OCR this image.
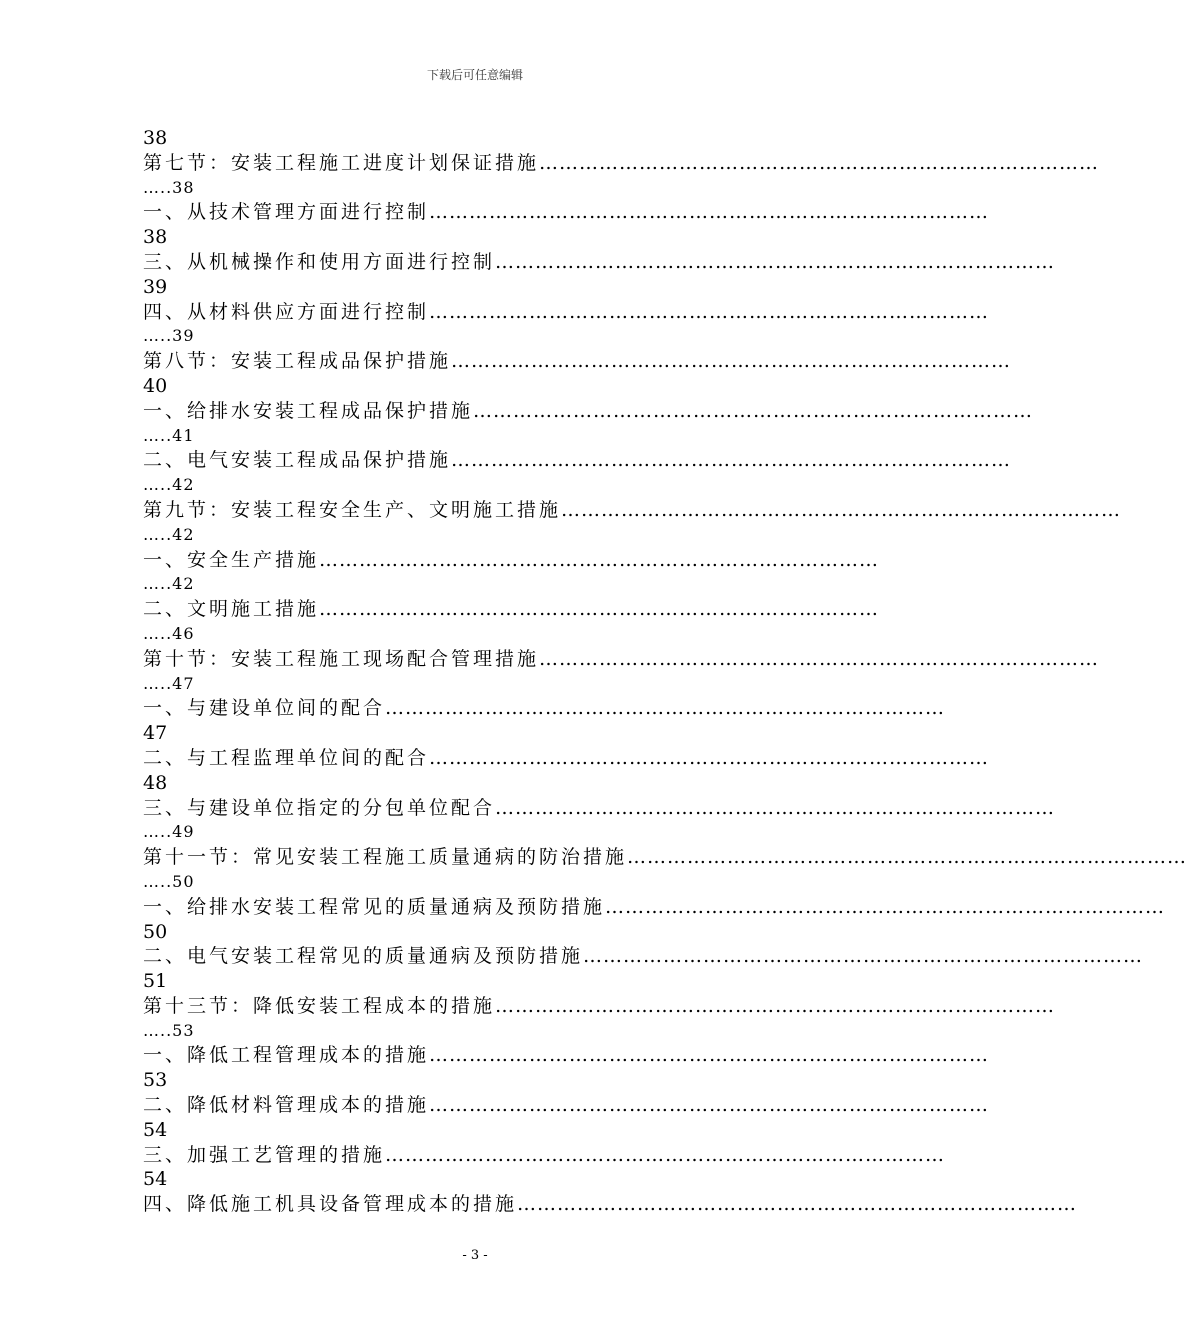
下载后可任意编辑
38
第七节：安装工程施工进度计划保证措施…………………………………………………………………………
…..38
一、从技术管理方面进行控制…………………………………………………………………………
38
三、从机械操作和使用方面进行控制…………………………………………………………………………
39
四、从材料供应方面进行控制…………………………………………………………………………
…..39
第八节：安装工程成品保护措施…………………………………………………………………………
40
一、给排水安装工程成品保护措施…………………………………………………………………………
…..41
二、电气安装工程成品保护措施…………………………………………………………………………
…..42
第九节：安装工程安全生产、文明施工措施…………………………………………………………………………
…..42
一、安全生产措施…………………………………………………………………………
…..42
二、文明施工措施…………………………………………………………………………
…..46
第十节：安装工程施工现场配合管理措施…………………………………………………………………………
…..47
一、与建设单位间的配合…………………………………………………………………………
47
二、与工程监理单位间的配合…………………………………………………………………………
48
三、与建设单位指定的分包单位配合…………………………………………………………………………
…..49
第十一节：常见安装工程施工质量通病的防治措施…………………………………………………………………………
…..50
一、给排水安装工程常见的质量通病及预防措施…………………………………………………………………………
50
二、电气安装工程常见的质量通病及预防措施…………………………………………………………………………
51
第十三节：降低安装工程成本的措施…………………………………………………………………………
…..53
一、降低工程管理成本的措施…………………………………………………………………………
53
二、降低材料管理成本的措施…………………………………………………………………………
54
三、加强工艺管理的措施…………………………………………………………………………
54
四、降低施工机具设备管理成本的措施…………………………………………………………………………
- 3 -
